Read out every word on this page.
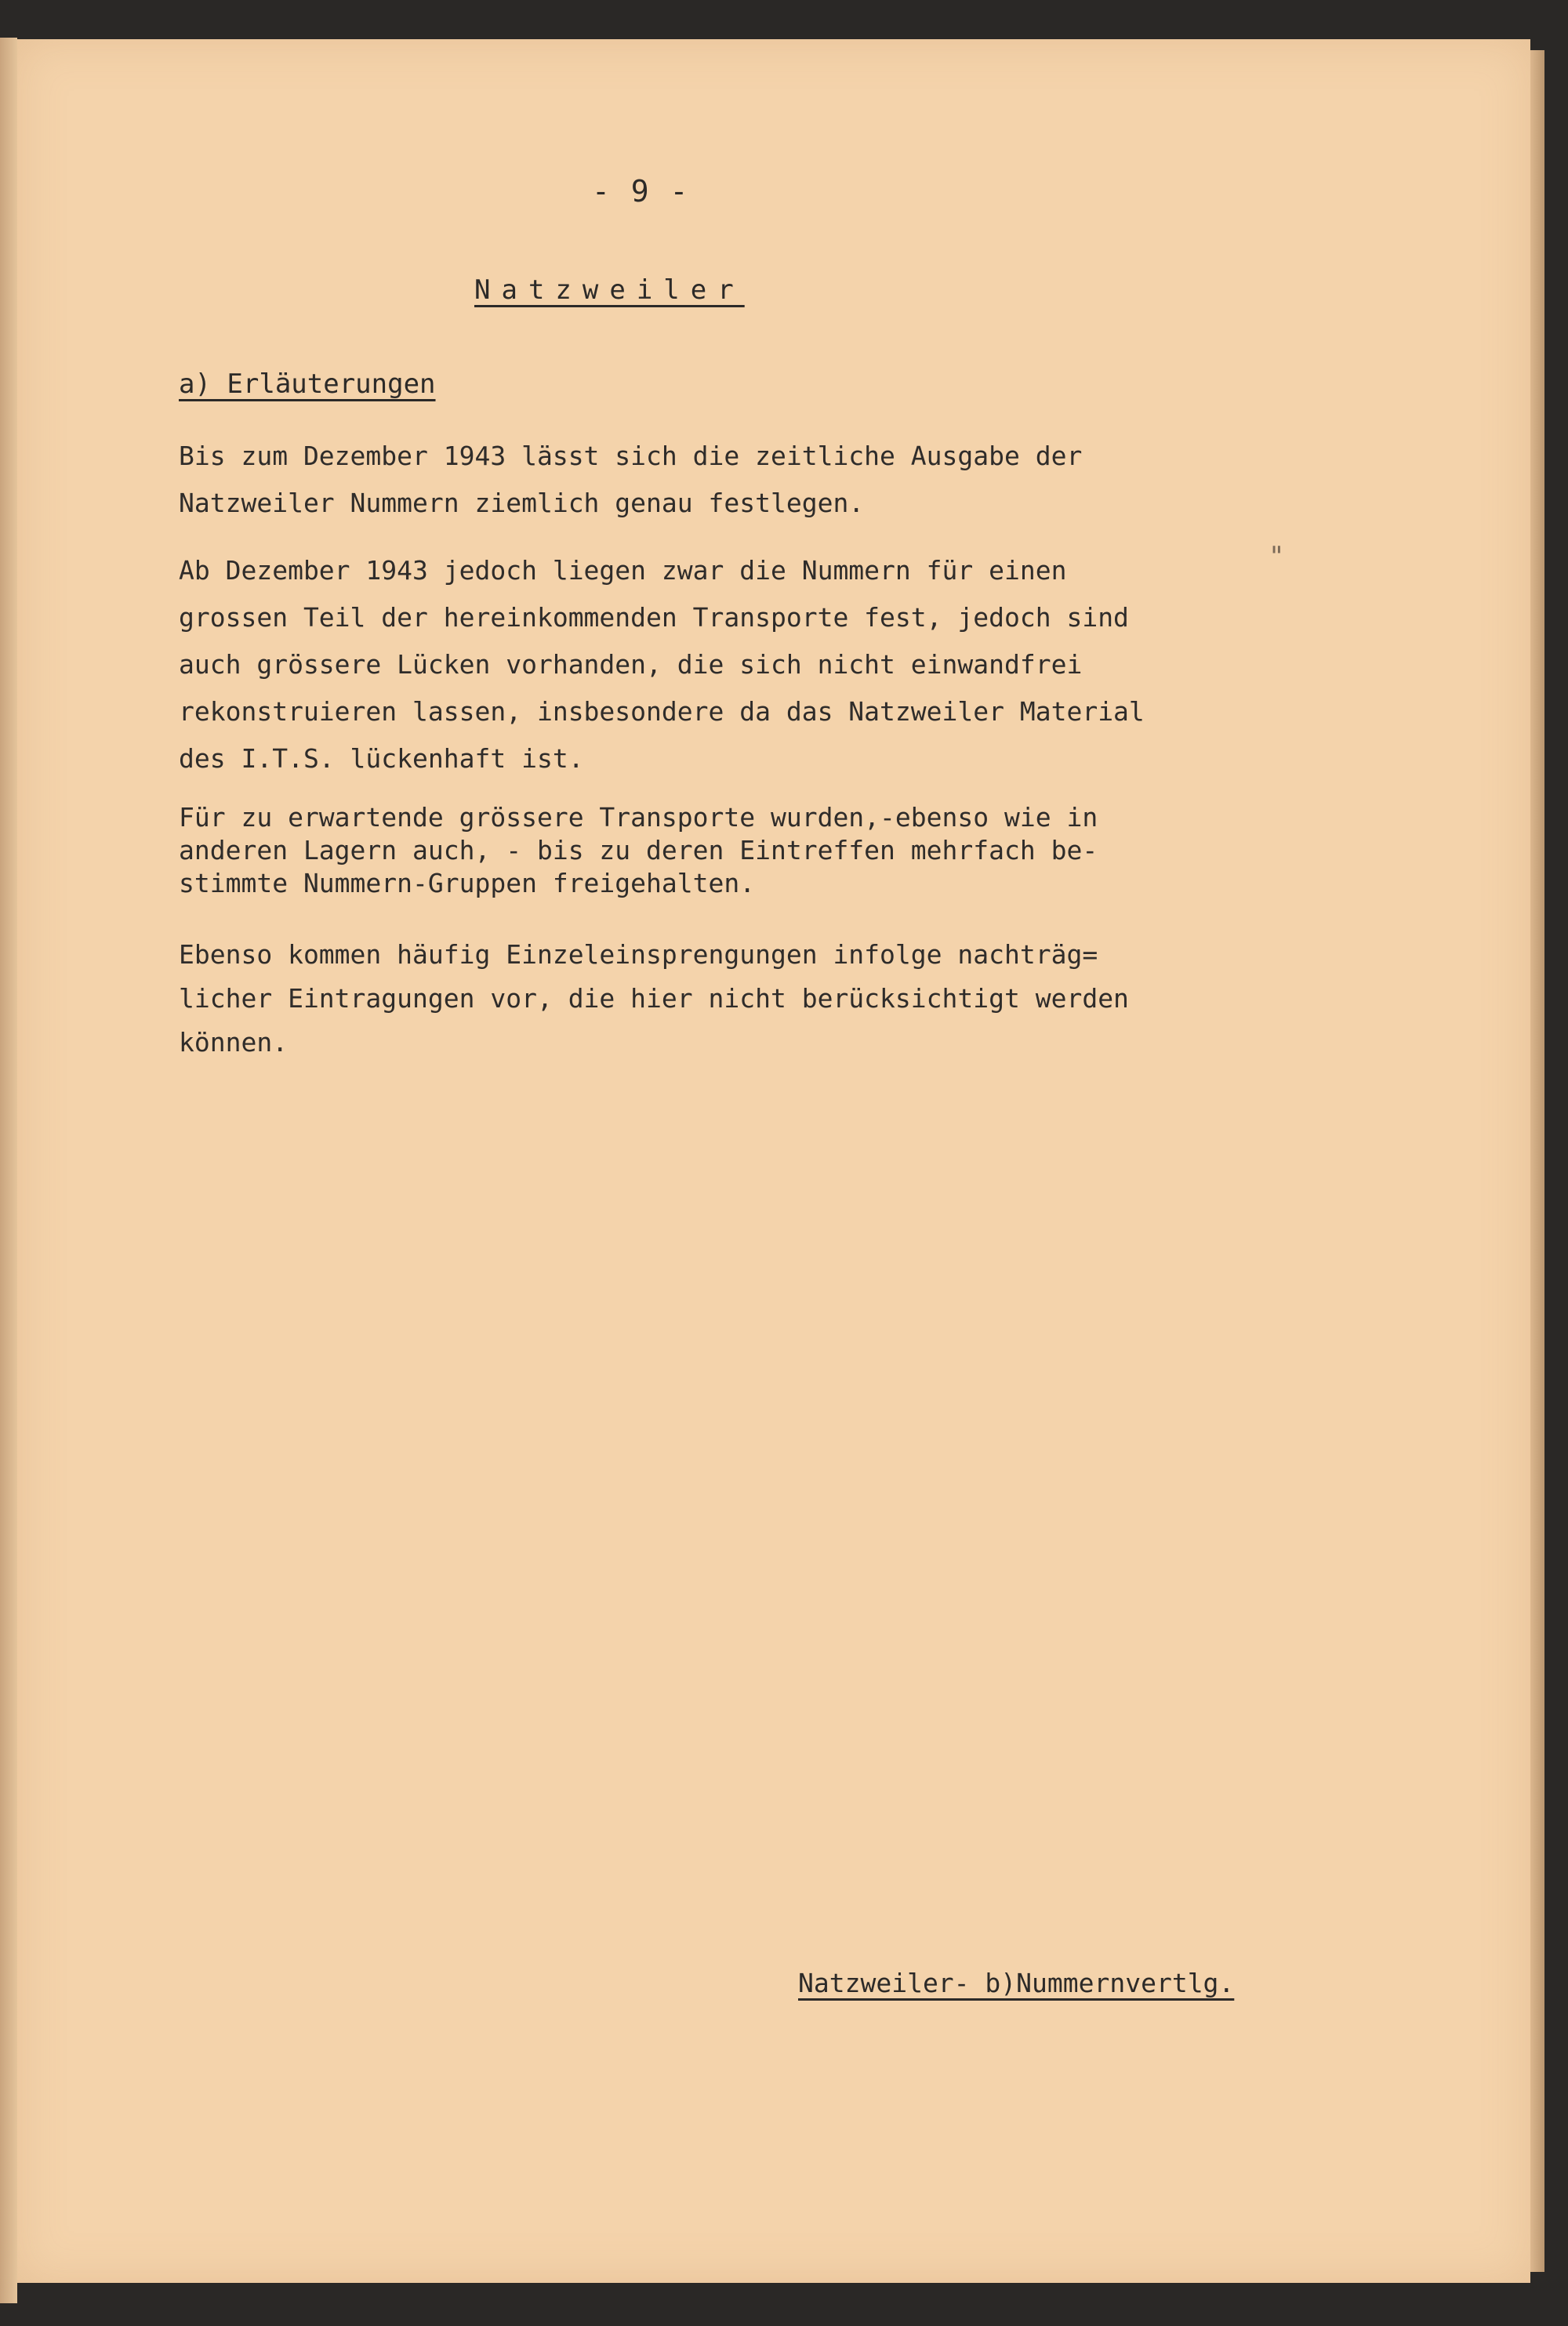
- 9 -
Natzweiler
a) Erläuterungen

Bis zum Dezember 1943 lässt sich die zeitliche Ausgabe der
Natzweiler Nummern ziemlich genau festlegen.

Ab Dezember 1943 jedoch liegen zwar die Nummern für einen
grossen Teil der hereinkommenden Transporte fest, jedoch sind
auch grössere Lücken vorhanden, die sich nicht einwandfrei
rekonstruieren lassen, insbesondere da das Natzweiler Material
des I.T.S. lückenhaft ist.

"

Für zu erwartende grössere Transporte wurden,-ebenso wie in
anderen Lagern auch, - bis zu deren Eintreffen mehrfach be-
stimmte Nummern-Gruppen freigehalten.

Ebenso kommen häufig Einzeleinsprengungen infolge nachträg=
licher Eintragungen vor, die hier nicht berücksichtigt werden
können.

Natzweiler- b)Nummernvertlg.
